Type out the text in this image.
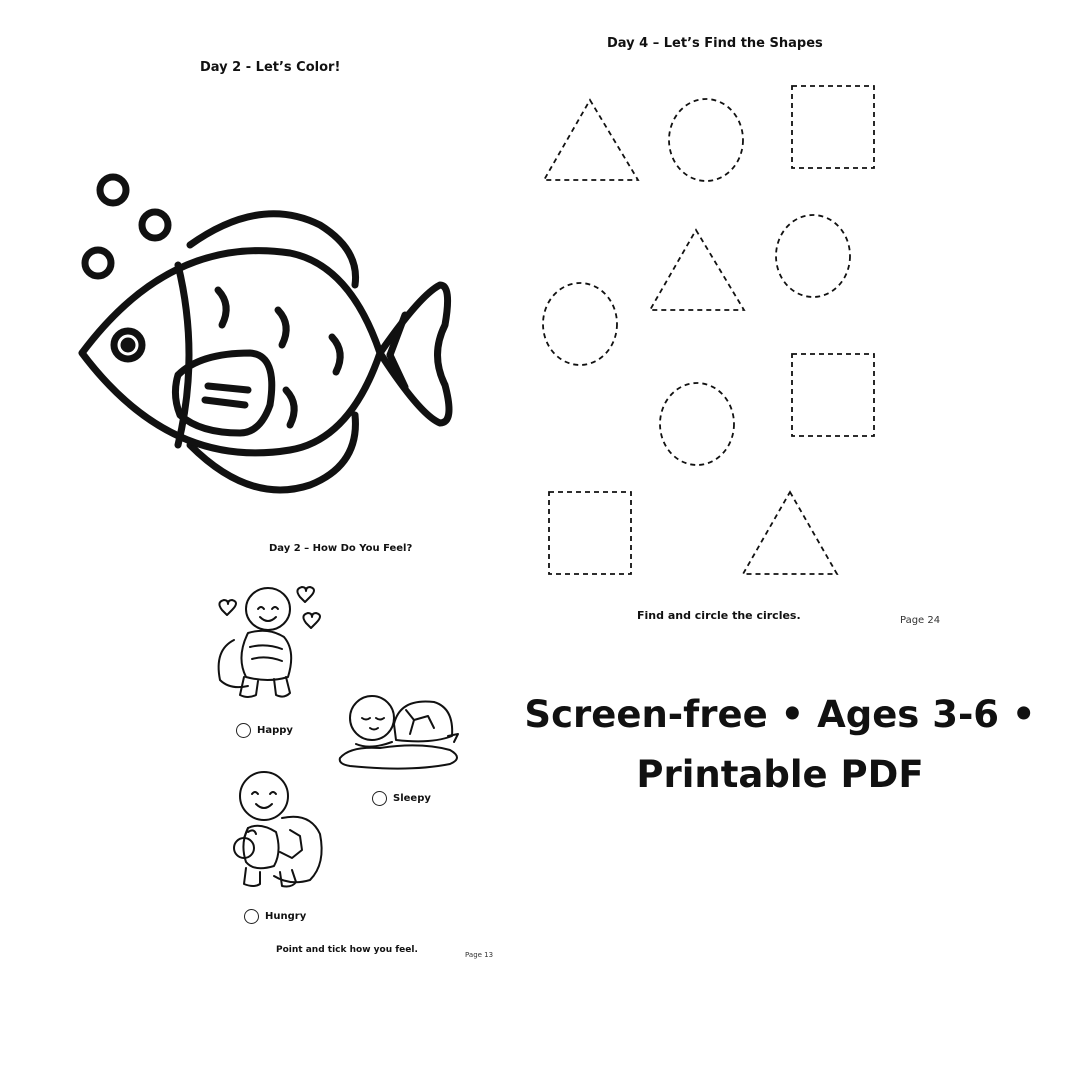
Day 2 - Let’s Color!
Day 4 – Let’s Find the Shapes
Find and circle the circles.	Page 24
Day 2 – How Do You Feel?
Happy
Sleepy
Hungry
Point and tick how you feel.	Page 13
Screen-free • Ages 3-6 •
Printable PDF
